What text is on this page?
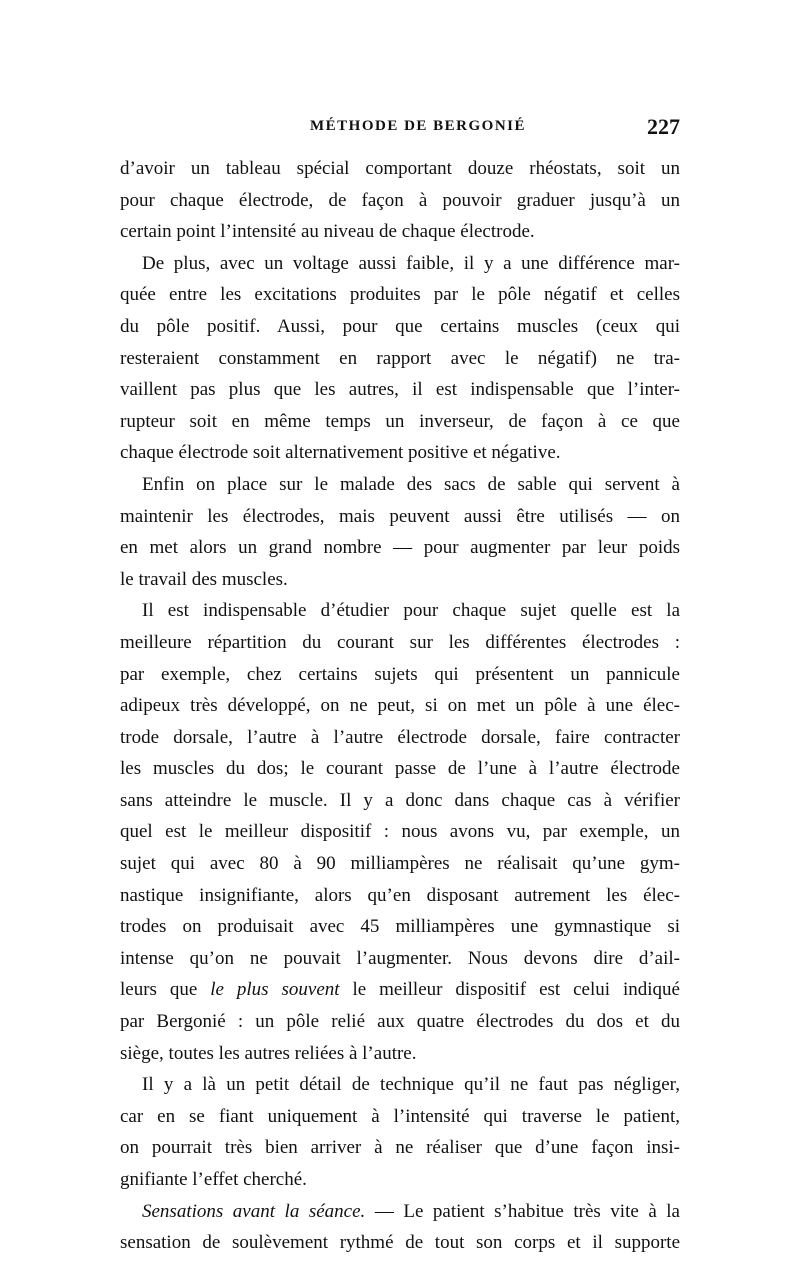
MÉTHODE DE BERGONIÉ	227
d’avoir un tableau spécial comportant douze rhéostats, soit un
pour chaque électrode, de façon à pouvoir graduer jusqu’à un
certain point l’intensité au niveau de chaque électrode.
De plus, avec un voltage aussi faible, il y a une différence mar-
quée entre les excitations produites par le pôle négatif et celles
du pôle positif. Aussi, pour que certains muscles (ceux qui
resteraient constamment en rapport avec le négatif) ne tra-
vaillent pas plus que les autres, il est indispensable que l’inter-
rupteur soit en même temps un inverseur, de façon à ce que
chaque électrode soit alternativement positive et négative.
Enfin on place sur le malade des sacs de sable qui servent à
maintenir les électrodes, mais peuvent aussi être utilisés — on
en met alors un grand nombre — pour augmenter par leur poids
le travail des muscles.
Il est indispensable d’étudier pour chaque sujet quelle est la
meilleure répartition du courant sur les différentes électrodes :
par exemple, chez certains sujets qui présentent un pannicule
adipeux très développé, on ne peut, si on met un pôle à une élec-
trode dorsale, l’autre à l’autre électrode dorsale, faire contracter
les muscles du dos; le courant passe de l’une à l’autre électrode
sans atteindre le muscle. Il y a donc dans chaque cas à vérifier
quel est le meilleur dispositif : nous avons vu, par exemple, un
sujet qui avec 80 à 90 milliampères ne réalisait qu’une gym-
nastique insignifiante, alors qu’en disposant autrement les élec-
trodes on produisait avec 45 milliampères une gymnastique si
intense qu’on ne pouvait l’augmenter. Nous devons dire d’ail-
leurs que le plus souvent le meilleur dispositif est celui indiqué
par Bergonié : un pôle relié aux quatre électrodes du dos et du
siège, toutes les autres reliées à l’autre.
Il y a là un petit détail de technique qu’il ne faut pas négliger,
car en se fiant uniquement à l’intensité qui traverse le patient,
on pourrait très bien arriver à ne réaliser que d’une façon insi-
gnifiante l’effet cherché.
Sensations avant la séance. — Le patient s’habitue très vite à la
sensation de soulèvement rythmé de tout son corps et il supporte
